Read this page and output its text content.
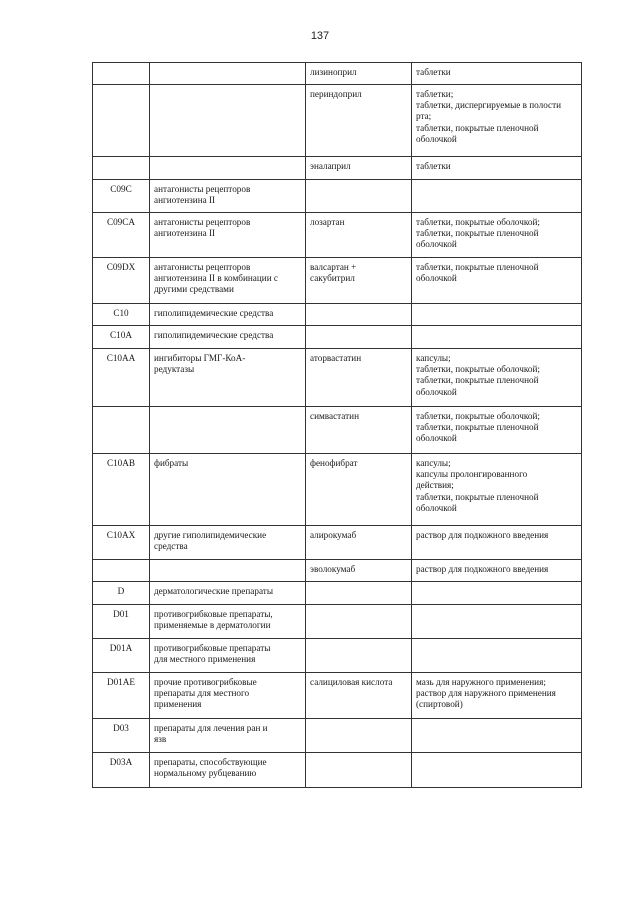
137

		лизиноприл	таблетки

		периндоприл	таблетки;
таблетки, диспергируемые в полости
рта;
таблетки, покрытые пленочной
оболочкой

		эналаприл	таблетки

C09C	антагонисты рецепторов
ангиотензина II		

C09CA	антагонисты рецепторов
ангиотензина II	лозартан	таблетки, покрытые оболочкой;
таблетки, покрытые пленочной
оболочкой

C09DX	антагонисты рецепторов
ангиотензина II в комбинации с
другими средствами	валсартан +
сакубитрил	таблетки, покрытые пленочной
оболочкой

C10	гиполипидемические средства		

C10A	гиполипидемические средства		

C10AA	ингибиторы ГМГ-КоА-
редуктазы	аторвастатин	капсулы;
таблетки, покрытые оболочкой;
таблетки, покрытые пленочной
оболочкой

		симвастатин	таблетки, покрытые оболочкой;
таблетки, покрытые пленочной
оболочкой

C10AB	фибраты	фенофибрат	капсулы;
капсулы пролонгированного
действия;
таблетки, покрытые пленочной
оболочкой

C10AX	другие гиполипидемические
средства	алирокумаб	раствор для подкожного введения

		эволокумаб	раствор для подкожного введения

D	дерматологические препараты		

D01	противогрибковые препараты,
применяемые в дерматологии		

D01A	противогрибковые препараты
для местного применения		

D01AE	прочие противогрибковые
препараты для местного
применения	салициловая кислота	мазь для наружного применения;
раствор для наружного применения
(спиртовой)

D03	препараты для лечения ран и
язв		

D03A	препараты, способствующие
нормальному рубцеванию		
